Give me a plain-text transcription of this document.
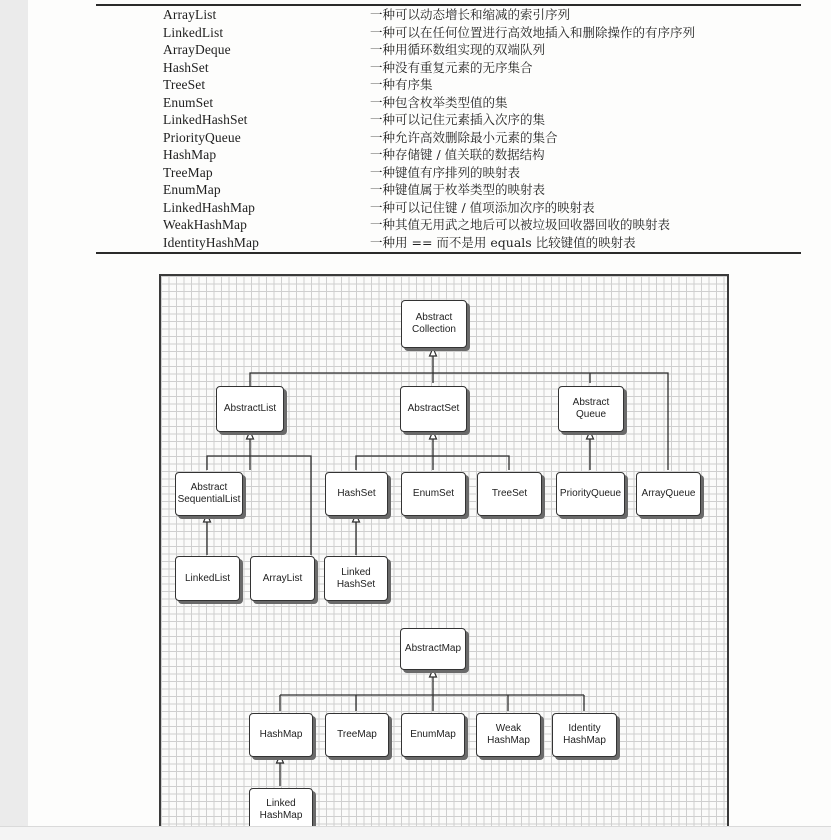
ArrayList	一种可以动态增长和缩减的索引序列
LinkedList	一种可以在任何位置进行高效地插入和删除操作的有序序列
ArrayDeque	一种用循环数组实现的双端队列
HashSet	一种没有重复元素的无序集合
TreeSet	一种有序集
EnumSet	一种包含枚举类型值的集
LinkedHashSet	一种可以记住元素插入次序的集
PriorityQueue	一种允许高效删除最小元素的集合
HashMap	一种存储键 / 值关联的数据结构
TreeMap	一种键值有序排列的映射表
EnumMap	一种键值属于枚举类型的映射表
LinkedHashMap	一种可以记住键 / 值项添加次序的映射表
WeakHashMap	一种其值无用武之地后可以被垃圾回收器回收的映射表
IdentityHashMap	一种用 == 而不是用 equals 比较键值的映射表
Abstract
Collection
AbstractList	AbstractSet
Abstract
Queue
Abstract
SequentialList
HashSet	EnumSet	TreeSet	PriorityQueue	ArrayQueue
LinkedList	ArrayList
Linked
HashSet
AbstractMap
HashMap	TreeMap	EnumMap
Weak
HashMap
Identity
HashMap
Linked
HashMap
